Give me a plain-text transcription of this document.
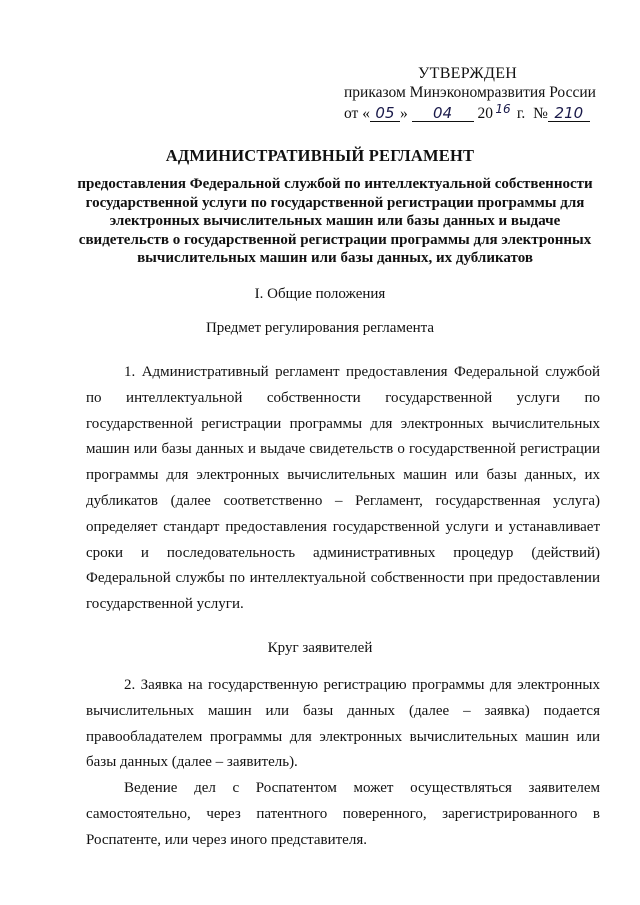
УТВЕРЖДЕН
приказом Минэкономразвития России
от « 05 » 04 20 16 г. № 210
АДМИНИСТРАТИВНЫЙ РЕГЛАМЕНТ
предоставления Федеральной службой по интеллектуальной собственности государственной услуги по государственной регистрации программы для электронных вычислительных машин или базы данных и выдаче свидетельств о государственной регистрации программы для электронных вычислительных машин или базы данных, их дубликатов
I. Общие положения
Предмет регулирования регламента
1. Административный регламент предоставления Федеральной службой по интеллектуальной собственности государственной услуги по государственной регистрации программы для электронных вычислительных машин или базы данных и выдаче свидетельств о государственной регистрации программы для электронных вычислительных машин или базы данных, их дубликатов (далее соответственно – Регламент, государственная услуга) определяет стандарт предоставления государственной услуги и устанавливает сроки и последовательность административных процедур (действий) Федеральной службы по интеллектуальной собственности при предоставлении государственной услуги.
Круг заявителей
2. Заявка на государственную регистрацию программы для электронных вычислительных машин или базы данных (далее – заявка) подается правообладателем программы для электронных вычислительных машин или базы данных (далее – заявитель).
Ведение дел с Роспатентом может осуществляться заявителем самостоятельно, через патентного поверенного, зарегистрированного в Роспатенте, или через иного представителя.
